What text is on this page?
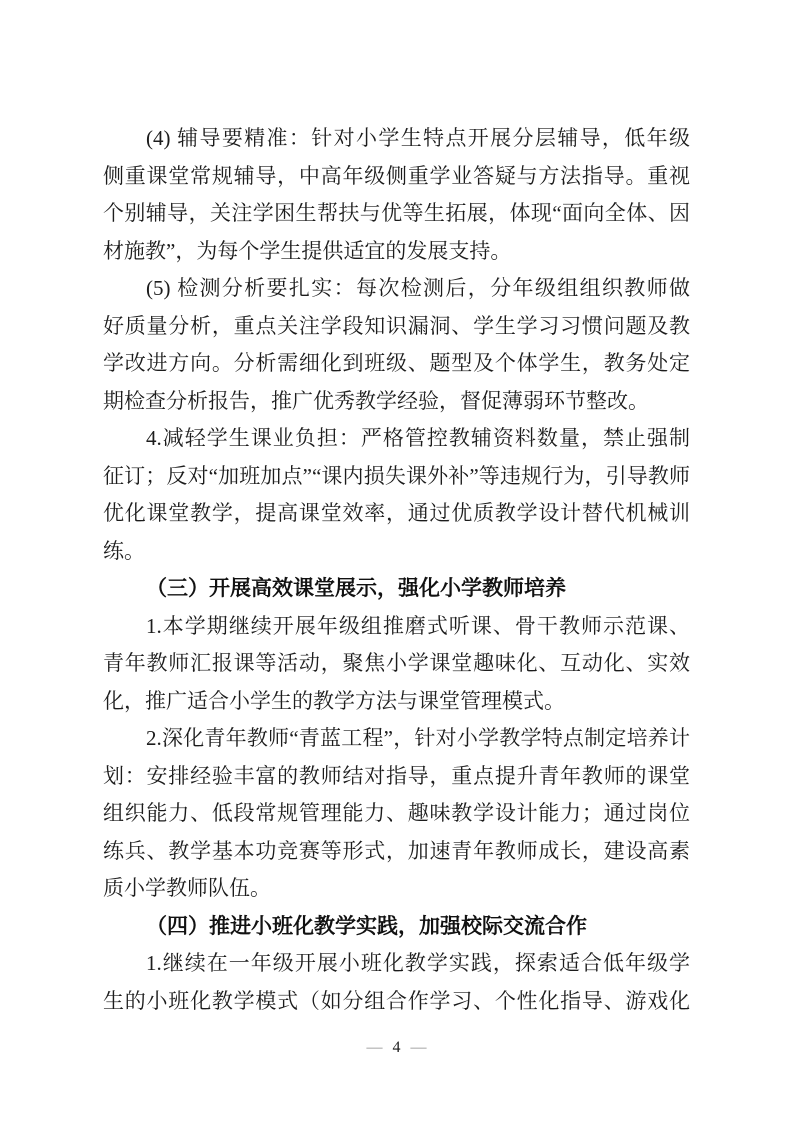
(4) 辅导要精准：针对小学生特点开展分层辅导，低年级
侧重课堂常规辅导，中高年级侧重学业答疑与方法指导。重视
个别辅导，关注学困生帮扶与优等生拓展，体现“面向全体、因
材施教”，为每个学生提供适宜的发展支持。
(5) 检测分析要扎实：每次检测后，分年级组组织教师做
好质量分析，重点关注学段知识漏洞、学生学习习惯问题及教
学改进方向。分析需细化到班级、题型及个体学生，教务处定
期检查分析报告，推广优秀教学经验，督促薄弱环节整改。
4.减轻学生课业负担：严格管控教辅资料数量，禁止强制
征订；反对“加班加点”“课内损失课外补”等违规行为，引导教师
优化课堂教学，提高课堂效率，通过优质教学设计替代机械训
练。
（三）开展高效课堂展示，强化小学教师培养
1.本学期继续开展年级组推磨式听课、骨干教师示范课、
青年教师汇报课等活动，聚焦小学课堂趣味化、互动化、实效
化，推广适合小学生的教学方法与课堂管理模式。
2.深化青年教师“青蓝工程”，针对小学教学特点制定培养计
划：安排经验丰富的教师结对指导，重点提升青年教师的课堂
组织能力、低段常规管理能力、趣味教学设计能力；通过岗位
练兵、教学基本功竞赛等形式，加速青年教师成长，建设高素
质小学教师队伍。
（四）推进小班化教学实践，加强校际交流合作
1.继续在一年级开展小班化教学实践，探索适合低年级学
生的小班化教学模式（如分组合作学习、个性化指导、游戏化
— 4 —
